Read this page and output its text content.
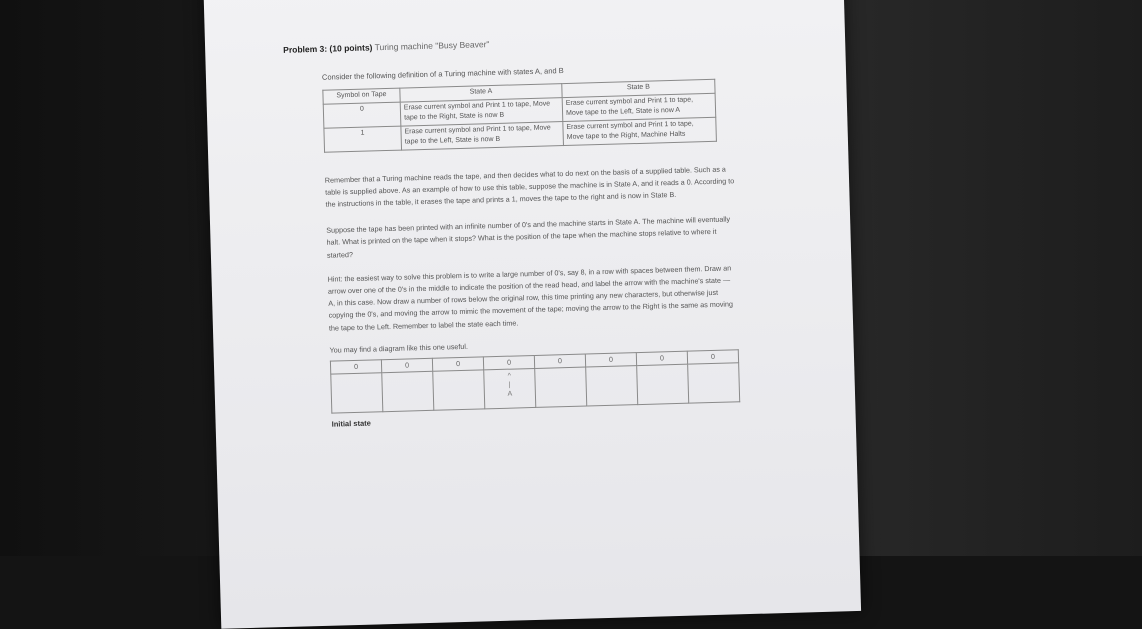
Problem 3: (10 points) Turing machine "Busy Beaver"
Consider the following definition of a Turing machine with states A, and B
Symbol on Tape	State A	State B
0	Erase current symbol and Print 1 to tape, Move tape to the Right, State is now B	Erase current symbol and Print 1 to tape, Move tape to the Left, State is now A
1	Erase current symbol and Print 1 to tape, Move tape to the Left, State is now B	Erase current symbol and Print 1 to tape, Move tape to the Right, Machine Halts
Remember that a Turing machine reads the tape, and then decides what to do next on the basis of a supplied table. Such as a table is supplied above. As an example of how to use this table, suppose the machine is in State A, and it reads a 0. According to the instructions in the table, it erases the tape and prints a 1, moves the tape to the right and is now in State B.
Suppose the tape has been printed with an infinite number of 0's and the machine starts in State A. The machine will eventually halt. What is printed on the tape when it stops? What is the position of the tape when the machine stops relative to where it started?
Hint: the easiest way to solve this problem is to write a large number of 0's, say 8, in a row with spaces between them. Draw an arrow over one of the 0's in the middle to indicate the position of the read head, and label the arrow with the machine's state — A, in this case. Now draw a number of rows below the original row, this time printing any new characters, but otherwise just copying the 0's, and moving the arrow to mimic the movement of the tape; moving the arrow to the Right is the same as moving the tape to the Left. Remember to label the state each time.
You may find a diagram like this one useful.
0	0	0	0	0	0	0	0

			^
|
A				

Initial state
